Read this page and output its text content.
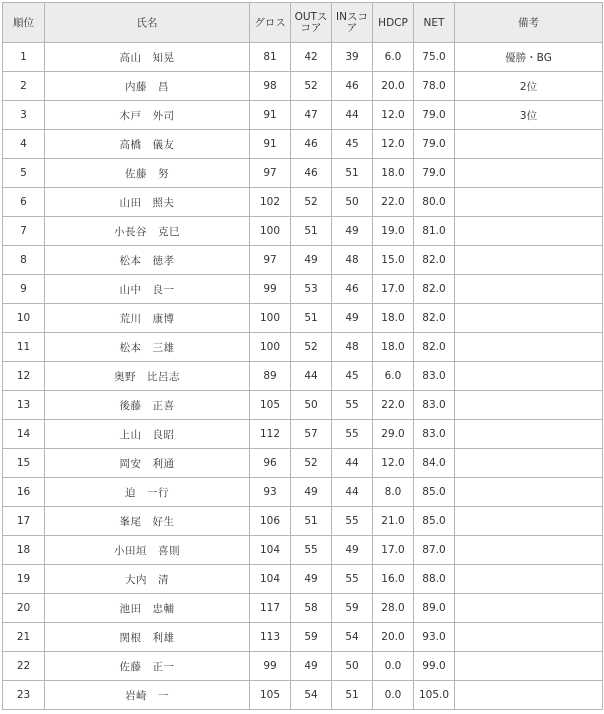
順位	氏名	グロス	OUTスコア	INスコア	HDCP	NET	備考
1	高山　知晃	81	42	39	6.0	75.0	優勝・BG
2	内藤　昌	98	52	46	20.0	78.0	2位
3	木戸　外司	91	47	44	12.0	79.0	3位
4	高橋　儀友	91	46	45	12.0	79.0	
5	佐藤　努	97	46	51	18.0	79.0	
6	山田　照夫	102	52	50	22.0	80.0	
7	小長谷　克巳	100	51	49	19.0	81.0	
8	松本　徳孝	97	49	48	15.0	82.0	
9	山中　良一	99	53	46	17.0	82.0	
10	荒川　康博	100	51	49	18.0	82.0	
11	松本　三雄	100	52	48	18.0	82.0	
12	奥野　比呂志	89	44	45	6.0	83.0	
13	後藤　正喜	105	50	55	22.0	83.0	
14	上山　良昭	112	57	55	29.0	83.0	
15	岡安　利通	96	52	44	12.0	84.0	
16	迫　一行	93	49	44	8.0	85.0	
17	峯尾　好生	106	51	55	21.0	85.0	
18	小田垣　喜則	104	55	49	17.0	87.0	
19	大内　清	104	49	55	16.0	88.0	
20	池田　忠輔	117	58	59	28.0	89.0	
21	関根　利雄	113	59	54	20.0	93.0	
22	佐藤　正一	99	49	50	0.0	99.0	
23	岩崎　一	105	54	51	0.0	105.0	
